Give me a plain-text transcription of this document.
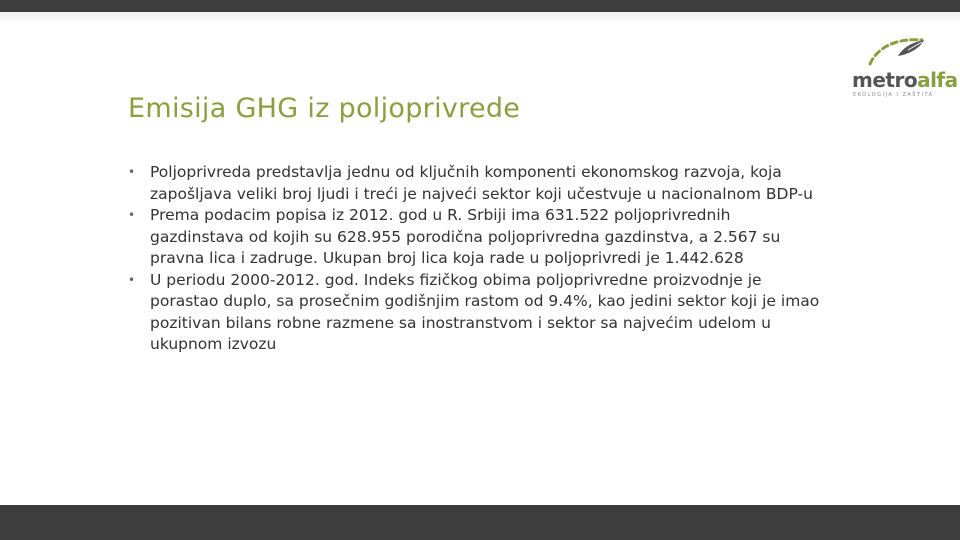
metroalfa
EKOLOGIJA I ZAŠTITA
Emisija GHG iz poljoprivrede
• Poljoprivreda predstavlja jednu od ključnih komponenti ekonomskog razvoja, koja zapošljava veliki broj ljudi i treći je najveći sektor koji učestvuje u nacionalnom BDP-u
• Prema podacim popisa iz 2012. god u R. Srbiji ima 631.522 poljoprivrednih gazdinstava od kojih su 628.955 porodična poljoprivredna gazdinstva, a 2.567 su pravna lica i zadruge. Ukupan broj lica koja rade u poljoprivredi je 1.442.628
• U periodu 2000-2012. god. Indeks fizičkog obima poljoprivredne proizvodnje je porastao duplo, sa prosečnim godišnjim rastom od 9.4%, kao jedini sektor koji je imao pozitivan bilans robne razmene sa inostranstvom i sektor sa najvećim udelom u ukupnom izvozu
